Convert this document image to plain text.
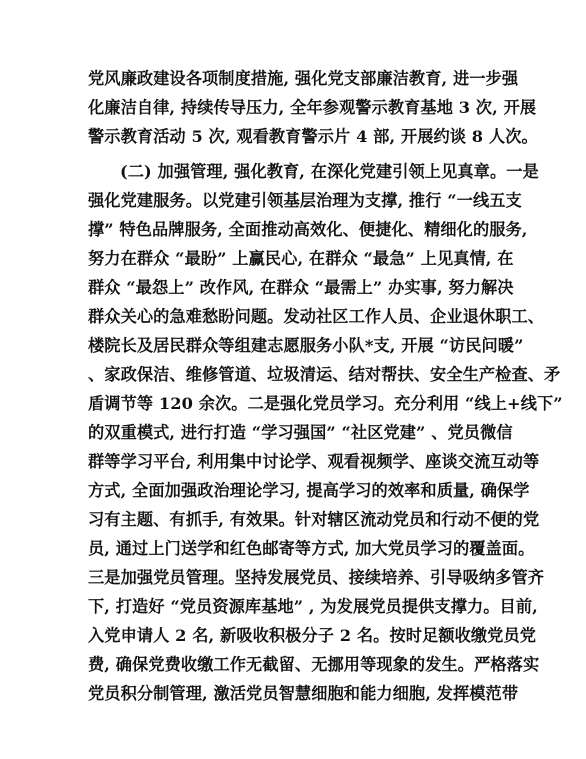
党风廉政建设各项制度措施, 强化党支部廉洁教育, 进一步强
化廉洁自律, 持续传导压力, 全年参观警示教育基地 3 次, 开展
警示教育活动 5 次, 观看教育警示片 4 部, 开展约谈 8 人次。
(二) 加强管理, 强化教育, 在深化党建引领上见真章。一是
强化党建服务。以党建引领基层治理为支撑, 推行 “一线五支
撑” 特色品牌服务, 全面推动高效化、便捷化、精细化的服务,
努力在群众 “最盼” 上赢民心, 在群众 “最急” 上见真情, 在
群众 “最怨上” 改作风, 在群众 “最需上” 办实事, 努力解决
群众关心的急难愁盼问题。发动社区工作人员、企业退休职工、
楼院长及居民群众等组建志愿服务小队*支, 开展 “访民问暖”
、家政保洁、维修管道、垃圾清运、结对帮扶、安全生产检查、矛
盾调节等 120 余次。二是强化党员学习。充分利用 “线上+线下”
的双重模式, 进行打造 “学习强国” “社区党建” 、党员微信
群等学习平台, 利用集中讨论学、观看视频学、座谈交流互动等
方式, 全面加强政治理论学习, 提高学习的效率和质量, 确保学
习有主题、有抓手, 有效果。针对辖区流动党员和行动不便的党
员, 通过上门送学和红色邮寄等方式, 加大党员学习的覆盖面。
三是加强党员管理。坚持发展党员、接续培养、引导吸纳多管齐
下, 打造好 “党员资源库基地” , 为发展党员提供支撑力。目前,
入党申请人 2 名, 新吸收积极分子 2 名。按时足额收缴党员党
费, 确保党费收缴工作无截留、无挪用等现象的发生。严格落实
党员积分制管理, 激活党员智慧细胞和能力细胞, 发挥模范带
